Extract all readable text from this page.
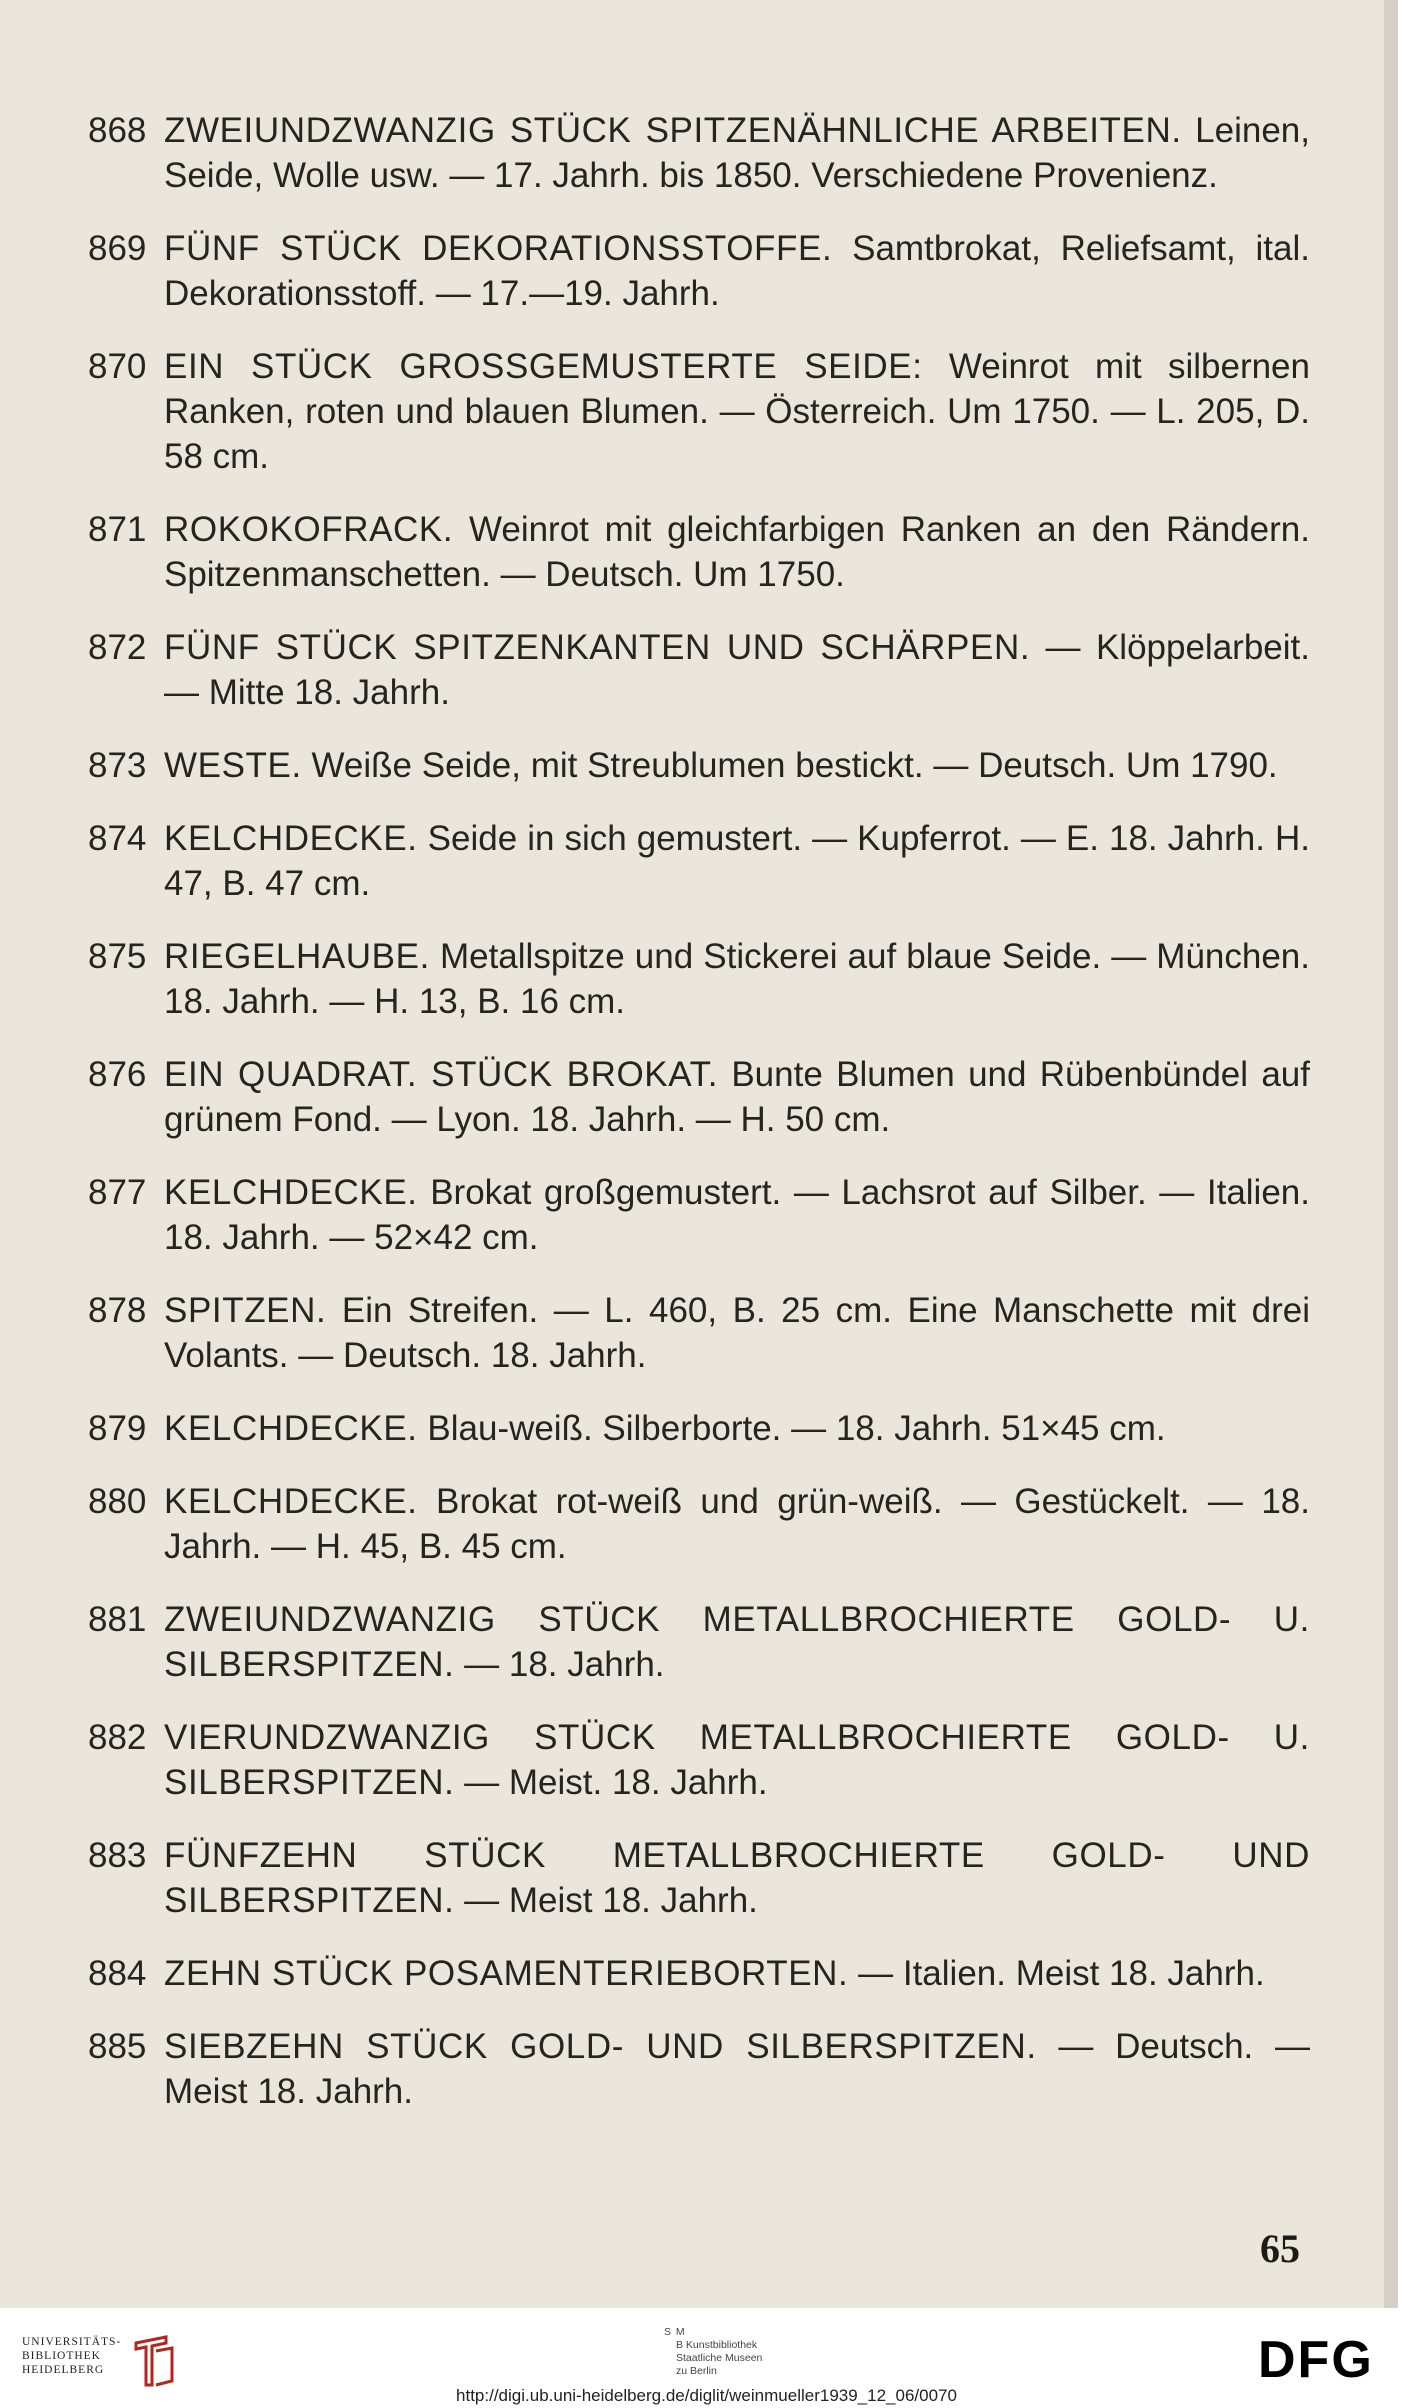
868 ZWEIUNDZWANZIG STÜCK SPITZENÄHNLICHE ARBEITEN. Leinen, Seide, Wolle usw. — 17. Jahrh. bis 1850. Verschiedene Provenienz.
869 FÜNF STÜCK DEKORATIONSSTOFFE. Samtbrokat, Reliefsamt, ital. Dekorationsstoff. — 17.—19. Jahrh.
870 EIN STÜCK GROSSGEMUSTERTE SEIDE: Weinrot mit silbernen Ranken, roten und blauen Blumen. — Österreich. Um 1750. — L. 205, D. 58 cm.
871 ROKOKOFRACK. Weinrot mit gleichfarbigen Ranken an den Rändern. Spitzenmanschetten. — Deutsch. Um 1750.
872 FÜNF STÜCK SPITZENKANTEN UND SCHÄRPEN. — Klöppelarbeit. — Mitte 18. Jahrh.
873 WESTE. Weiße Seide, mit Streublumen bestickt. — Deutsch. Um 1790.
874 KELCHDECKE. Seide in sich gemustert. — Kupferrot. — E. 18. Jahrh. H. 47, B. 47 cm.
875 RIEGELHAUBE. Metallspitze und Stickerei auf blaue Seide. — München. 18. Jahrh. — H. 13, B. 16 cm.
876 EIN QUADRAT. STÜCK BROKAT. Bunte Blumen und Rübenbündel auf grünem Fond. — Lyon. 18. Jahrh. — H. 50 cm.
877 KELCHDECKE. Brokat großgemustert. — Lachsrot auf Silber. — Italien. 18. Jahrh. — 52×42 cm.
878 SPITZEN. Ein Streifen. — L. 460, B. 25 cm. Eine Manschette mit drei Volants. — Deutsch. 18. Jahrh.
879 KELCHDECKE. Blau-weiß. Silberborte. — 18. Jahrh. 51×45 cm.
880 KELCHDECKE. Brokat rot-weiß und grün-weiß. — Gestückelt. — 18. Jahrh. — H. 45, B. 45 cm.
881 ZWEIUNDZWANZIG STÜCK METALLBROCHIERTE GOLD- U. SILBERSPITZEN. — 18. Jahrh.
882 VIERUNDZWANZIG STÜCK METALLBROCHIERTE GOLD- U. SILBERSPITZEN. — Meist. 18. Jahrh.
883 FÜNFZEHN STÜCK METALLBROCHIERTE GOLD- UND SILBERSPITZEN. — Meist 18. Jahrh.
884 ZEHN STÜCK POSAMENTERIEBORTEN. — Italien. Meist 18. Jahrh.
885 SIEBZEHN STÜCK GOLD- UND SILBERSPITZEN. — Deutsch. — Meist 18. Jahrh.
65
UNIVERSITÄTS-
BIBLIOTHEK
HEIDELBERG
S M
B Kunstbibliothek
Staatliche Museen
zu Berlin	DFG
http://digi.ub.uni-heidelberg.de/diglit/weinmueller1939_12_06/0070
